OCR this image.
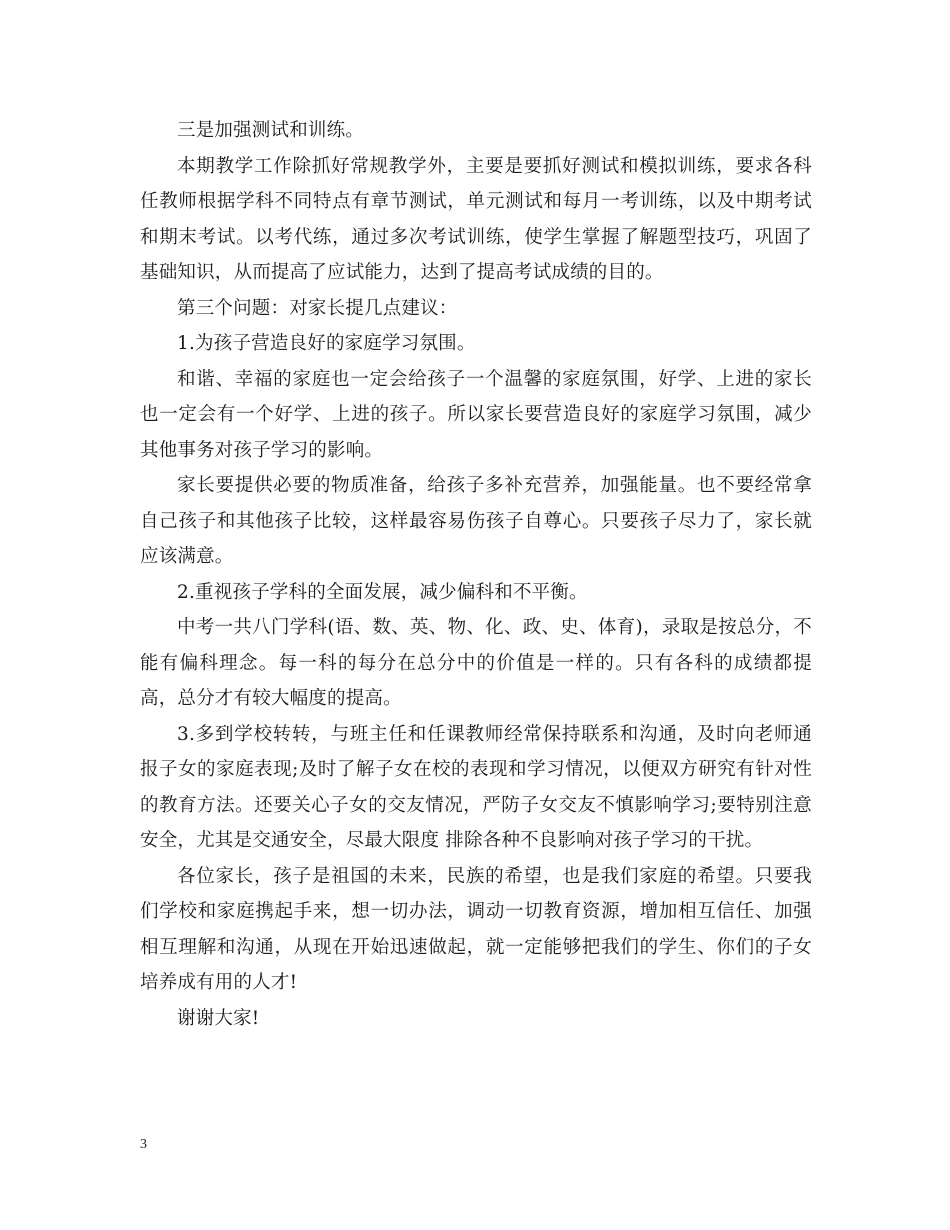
三是加强测试和训练。

本期教学工作除抓好常规教学外，主要是要抓好测试和模拟训练，要求各科任教师根据学科不同特点有章节测试，单元测试和每月一考训练，以及中期考试和期末考试。以考代练，通过多次考试训练，使学生掌握了解题型技巧，巩固了基础知识，从而提高了应试能力，达到了提高考试成绩的目的。

第三个问题：对家长提几点建议：

1.为孩子营造良好的家庭学习氛围。

和谐、幸福的家庭也一定会给孩子一个温馨的家庭氛围，好学、上进的家长也一定会有一个好学、上进的孩子。所以家长要营造良好的家庭学习氛围，减少其他事务对孩子学习的影响。

家长要提供必要的物质准备，给孩子多补充营养，加强能量。也不要经常拿自己孩子和其他孩子比较，这样最容易伤孩子自尊心。只要孩子尽力了，家长就应该满意。

2.重视孩子学科的全面发展，减少偏科和不平衡。

中考一共八门学科(语、数、英、物、化、政、史、体育)，录取是按总分，不能有偏科理念。每一科的每分在总分中的价值是一样的。只有各科的成绩都提高，总分才有较大幅度的提高。

3.多到学校转转，与班主任和任课教师经常保持联系和沟通，及时向老师通报子女的家庭表现;及时了解子女在校的表现和学习情况，以便双方研究有针对性的教育方法。还要关心子女的交友情况，严防子女交友不慎影响学习;要特别注意安全，尤其是交通安全，尽最大限度 排除各种不良影响对孩子学习的干扰。

各位家长，孩子是祖国的未来，民族的希望，也是我们家庭的希望。只要我们学校和家庭携起手来，想一切办法，调动一切教育资源，增加相互信任、加强相互理解和沟通，从现在开始迅速做起，就一定能够把我们的学生、你们的子女培养成有用的人才!

谢谢大家!

3
